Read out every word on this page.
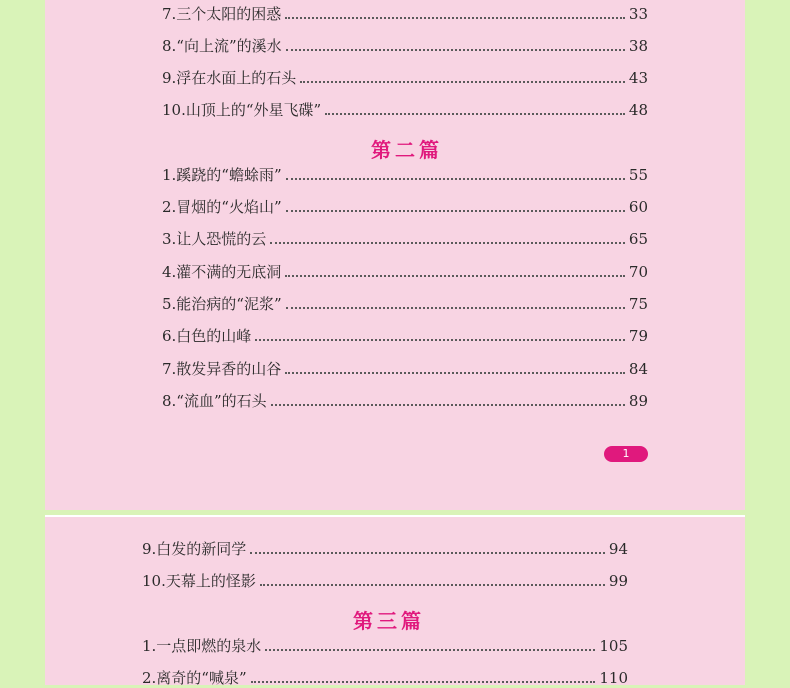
7.三个太阳的困惑	33
8.“向上流”的溪水	38
9.浮在水面上的石头	43
10.山顶上的“外星飞碟”	48
第二篇
1.蹊跷的“蟾蜍雨”	55
2.冒烟的“火焰山”	60
3.让人恐慌的云	65
4.灌不满的无底洞	70
5.能治病的“泥浆”	75
6.白色的山峰	79
7.散发异香的山谷	84
8.“流血”的石头	89
1
9.白发的新同学	94
10.天幕上的怪影	99
第三篇
1.一点即燃的泉水	105
2.离奇的“喊泉”	110
